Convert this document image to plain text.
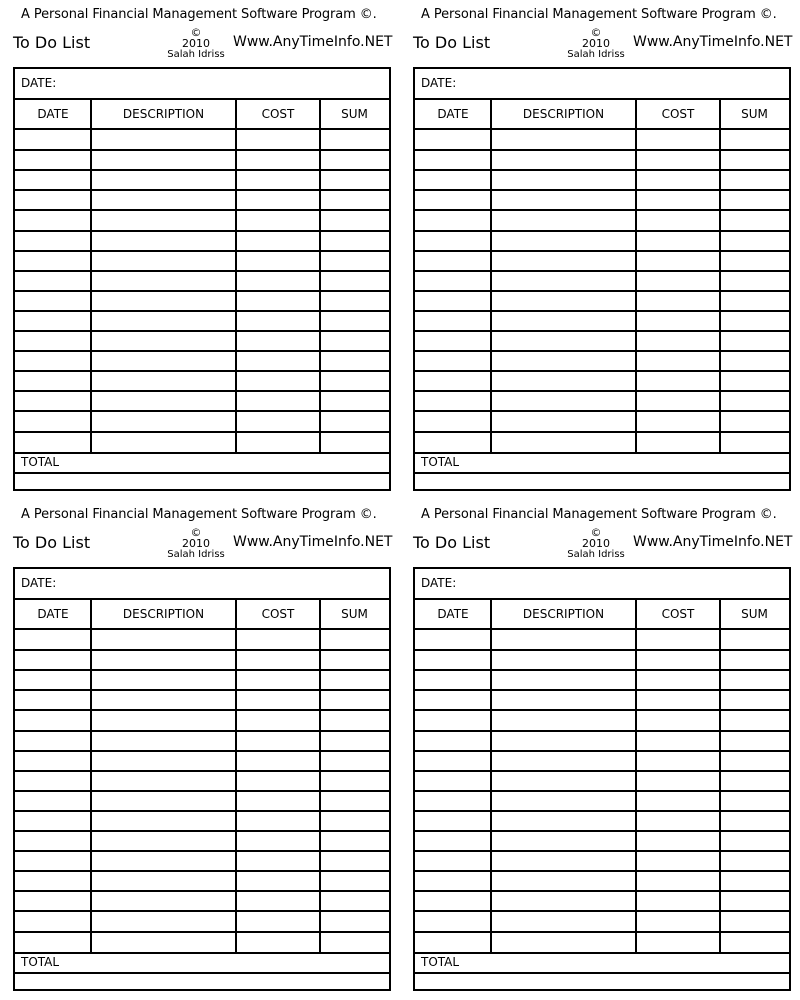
A Personal Financial Management Software Program ©.
To Do List
©
2010
Salah Idriss
Www.AnyTimeInfo.NET
DATE:
DATE	DESCRIPTION	COST	SUM
TOTAL
A Personal Financial Management Software Program ©.
To Do List
©
2010
Salah Idriss
Www.AnyTimeInfo.NET
DATE:
DATE	DESCRIPTION	COST	SUM
TOTAL
A Personal Financial Management Software Program ©.
To Do List
©
2010
Salah Idriss
Www.AnyTimeInfo.NET
DATE:
DATE	DESCRIPTION	COST	SUM
TOTAL
A Personal Financial Management Software Program ©.
To Do List
©
2010
Salah Idriss
Www.AnyTimeInfo.NET
DATE:
DATE	DESCRIPTION	COST	SUM
TOTAL
